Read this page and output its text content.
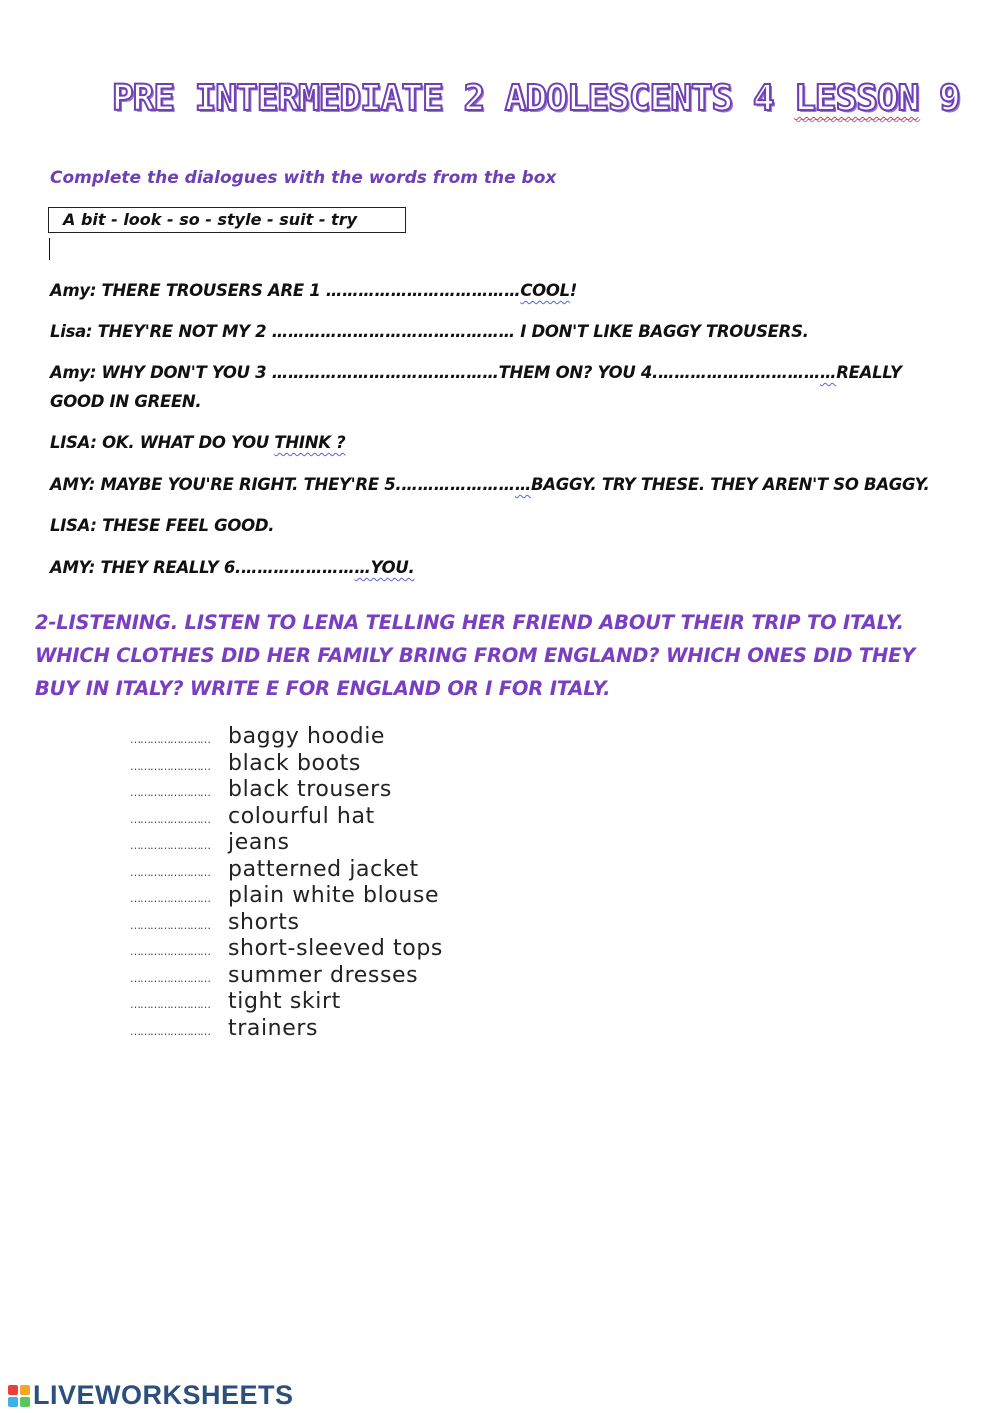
PRE INTERMEDIATE 2 ADOLESCENTS 4 LESSON 9
Complete the dialogues with the words from the box
A bit - look - so - style - suit - try
Amy: THERE TROUSERS ARE 1 ………………………………COOL!
Lisa: THEY'RE NOT MY 2 ……………………………………… I DON'T LIKE BAGGY TROUSERS.
Amy: WHY DON'T YOU 3 ……………………………………THEM ON? YOU 4.……………………………REALLY
GOOD IN GREEN.
LISA: OK. WHAT DO YOU THINK ?
AMY: MAYBE YOU'RE RIGHT. THEY'RE 5.……………………BAGGY. TRY THESE. THEY AREN'T SO BAGGY.
LISA: THESE FEEL GOOD.
AMY: THEY REALLY 6.……………………YOU.
2-LISTENING. LISTEN TO LENA TELLING HER FRIEND ABOUT THEIR TRIP TO ITALY. WHICH CLOTHES DID HER FAMILY BRING FROM ENGLAND? WHICH ONES DID THEY BUY IN ITALY? WRITE E FOR ENGLAND OR I FOR ITALY.
…………………… baggy hoodie
…………………… black boots
…………………… black trousers
…………………… colourful hat
…………………… jeans
…………………… patterned jacket
…………………… plain white blouse
…………………… shorts
…………………… short-sleeved tops
…………………… summer dresses
…………………… tight skirt
…………………… trainers
LIVEWORKSHEETS
